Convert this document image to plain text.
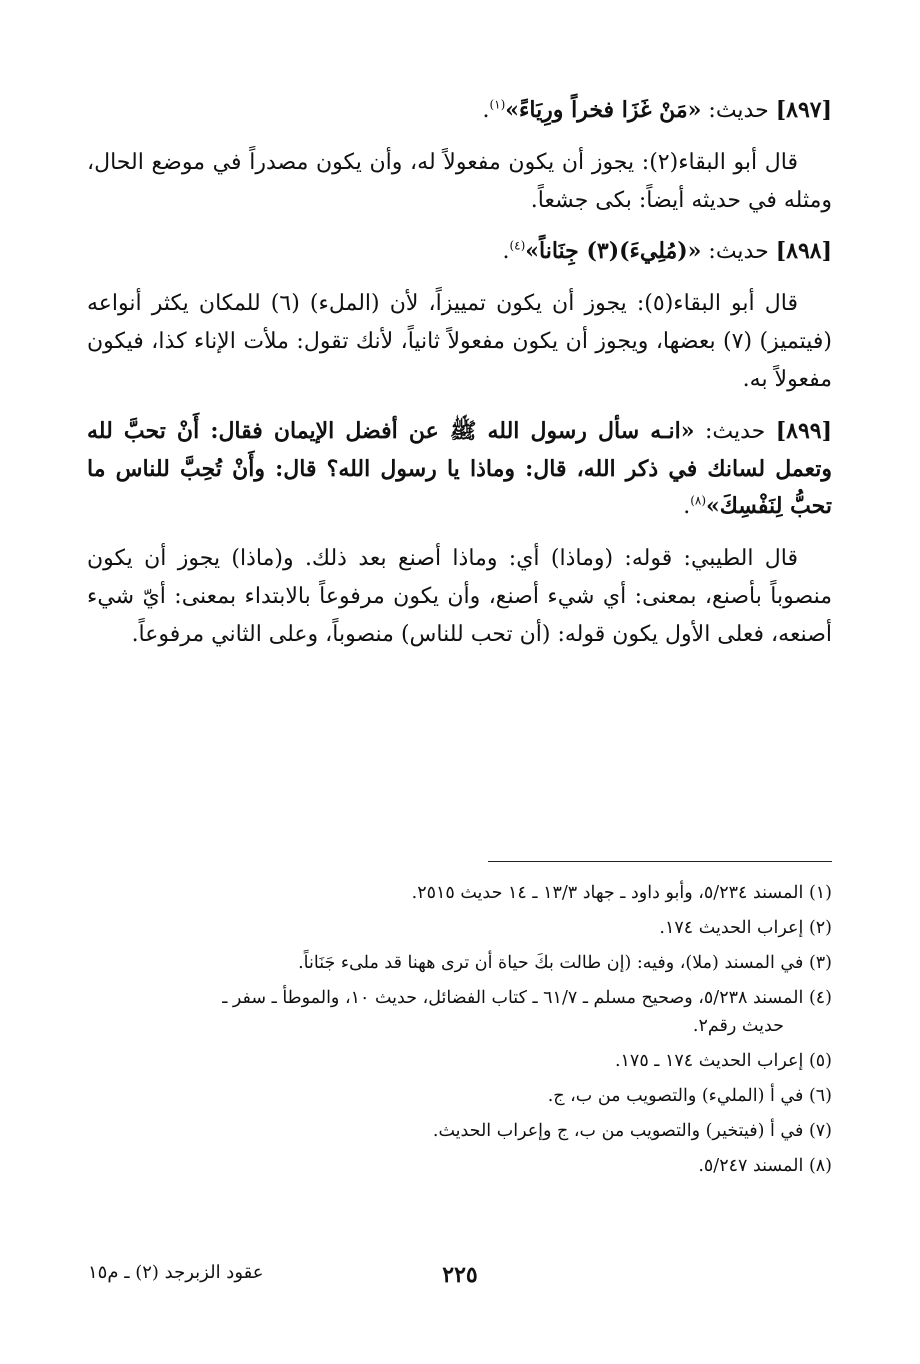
[٨٩٧] حديث: «مَنْ غَزَا فخراً ورِيَاءً»$^{(١)}$.

قال أبو البقاء(٢): يجوز أن يكون مفعولاً له، وأن يكون مصدراً في موضع الحال، ومثله في حديثه أيضاً: بكى جشعاً.

[٨٩٨] حديث: «(مُلِيءَ)(٣) جِنَاناً»$^{(٤)}$.

قال أبو البقاء(٥): يجوز أن يكون تمييزاً، لأن (الملء) (٦) للمكان يكثر أنواعه (فيتميز) (٧) بعضها، ويجوز أن يكون مفعولاً ثانياً، لأنك تقول: ملأت الإناء كذا، فيكون مفعولاً به.

[٨٩٩] حديث: «انـه سأل رسول الله ﷺ عن أفضل الإيمان فقال: أَنْ تحبَّ لله وتعمل لسانك في ذكر الله، قال: وماذا يا رسول الله؟ قال: وأَنْ تُحِبَّ للناس ما تحبُّ لِنَفْسِكَ»$^{(٨)}$.

قال الطيبي: قوله: (وماذا) أي: وماذا أصنع بعد ذلك. و(ماذا) يجوز أن يكون منصوباً بأصنع، بمعنى: أي شيء أصنع، وأن يكون مرفوعاً بالابتداء بمعنى: أيّ شيء أصنعه، فعلى الأول يكون قوله: (أن تحب للناس) منصوباً، وعلى الثاني مرفوعاً.

(١) المسند ٥/٢٣٤، وأبو داود ـ جهاد ١٣/٣ ـ ١٤ حديث ٢٥١٥.
(٢) إعراب الحديث ١٧٤.
(٣) في المسند (ملا)، وفيه: (إن طالت بكَ حياة أن ترى ههنا قد ملىء جَنَاناً.
(٤) المسند ٥/٢٣٨، وصحيح مسلم ـ ٦١/٧ ـ كتاب الفضائل، حديث ١٠، والموطأ ـ سفر ـ
حديث رقم٢.
(٥) إعراب الحديث ١٧٤ ـ ١٧٥.
(٦) في أ (المليء) والتصويب من ب، ج.
(٧) في أ (فيتخير) والتصويب من ب، ج وإعراب الحديث.
(٨) المسند ٥/٢٤٧.
٢٢٥
عقود الزبرجد (٢) ـ م١٥
